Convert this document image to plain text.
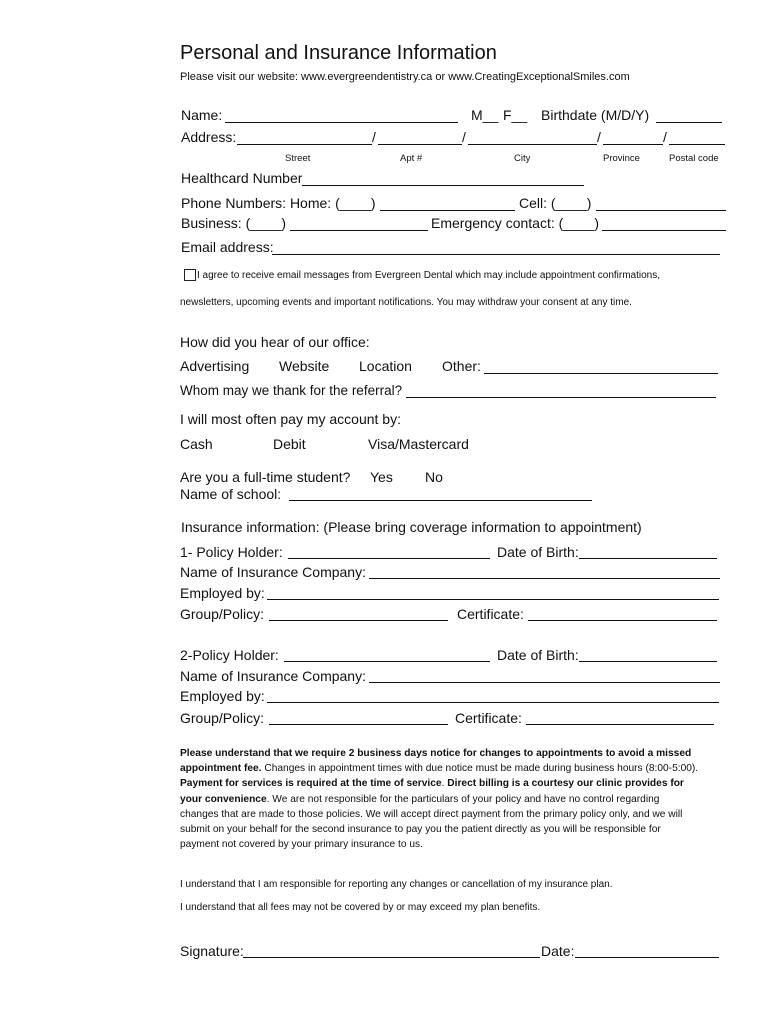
Personal and Insurance Information
Please visit our website: www.evergreendentistry.ca or www.CreatingExceptionalSmiles.com
Name:	M__ F__ Birthdate (M/D/Y)
Address:	/	/	/	/
Street	Apt #	City	Province	Postal code
Healthcard Number
Phone Numbers: Home: (____)	Cell: (____)
Business: (____)	Emergency contact: (____)
Email address:
I agree to receive email messages from Evergreen Dental which may include appointment confirmations,
newsletters, upcoming events and important notifications. You may withdraw your consent at any time.
How did you hear of our office:
Advertising Website Location Other:
Whom may we thank for the referral?
I will most often pay my account by:
Cash	Debit	Visa/Mastercard
Are you a full-time student? Yes No
Name of school:
Insurance information: (Please bring coverage information to appointment)
1- Policy Holder:	Date of Birth:
Name of Insurance Company:
Employed by:
Group/Policy:	Certificate:
2-Policy Holder:	Date of Birth:
Name of Insurance Company:
Employed by:
Group/Policy:	Certificate:
Please understand that we require 2 business days notice for changes to appointments to avoid a missed appointment fee. Changes in appointment times with due notice must be made during business hours (8:00-5:00). Payment for services is required at the time of service. Direct billing is a courtesy our clinic provides for your convenience. We are not responsible for the particulars of your policy and have no control regarding changes that are made to those policies. We will accept direct payment from the primary policy only, and we will submit on your behalf for the second insurance to pay you the patient directly as you will be responsible for payment not covered by your primary insurance to us.
I understand that I am responsible for reporting any changes or cancellation of my insurance plan.
I understand that all fees may not be covered by or may exceed my plan benefits.
Signature:	Date:
